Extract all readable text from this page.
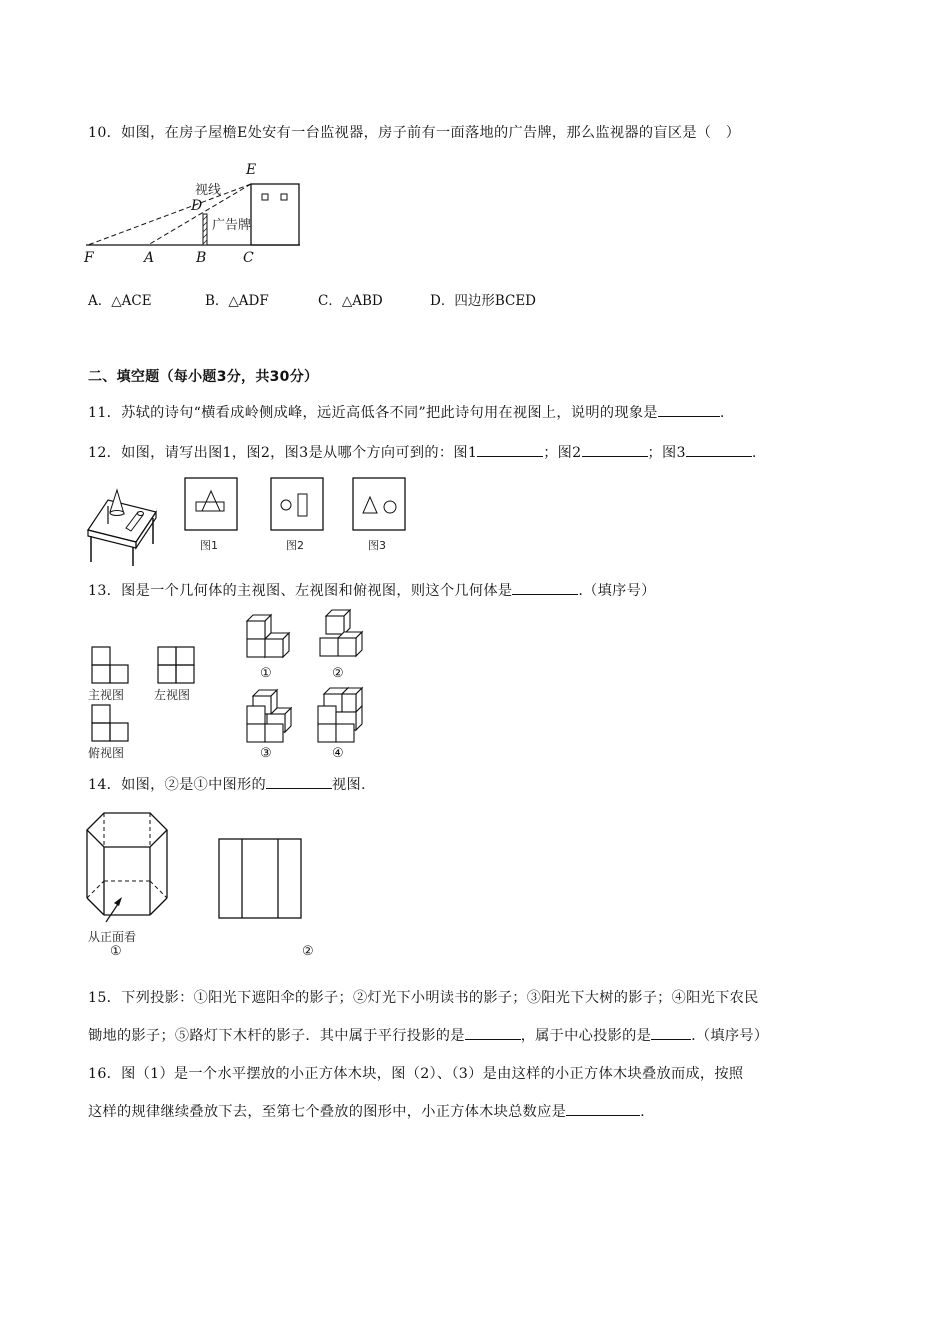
10．如图，在房子屋檐E处安有一台监视器，房子前有一面落地的广告牌，那么监视器的盲区是（　）
E
D
F	A	B	C
视线
广告牌
A．△ACE	B．△ADF	C．△ABD	D．四边形BCED
二、填空题（每小题3分，共30分）
11．苏轼的诗句“横看成岭侧成峰，远近高低各不同”把此诗句用在视图上，说明的现象是	.
12．如图，请写出图1，图2，图3是从哪个方向可到的：图1	；图2	；图3	.
图1	图2	图3
13．图是一个几何体的主视图、左视图和俯视图，则这个几何体是	.（填序号）
主视图 左视图
俯视图
①	②
③	④
14．如图，②是①中图形的	视图.
从正面看
①	②
15．下列投影：①阳光下遮阳伞的影子；②灯光下小明读书的影子；③阳光下大树的影子；④阳光下农民
锄地的影子；⑤路灯下木杆的影子．其中属于平行投影的是	，属于中心投影的是	.（填序号）
16．图（1）是一个水平摆放的小正方体木块，图（2）、（3）是由这样的小正方体木块叠放而成，按照
这样的规律继续叠放下去，至第七个叠放的图形中，小正方体木块总数应是	.
